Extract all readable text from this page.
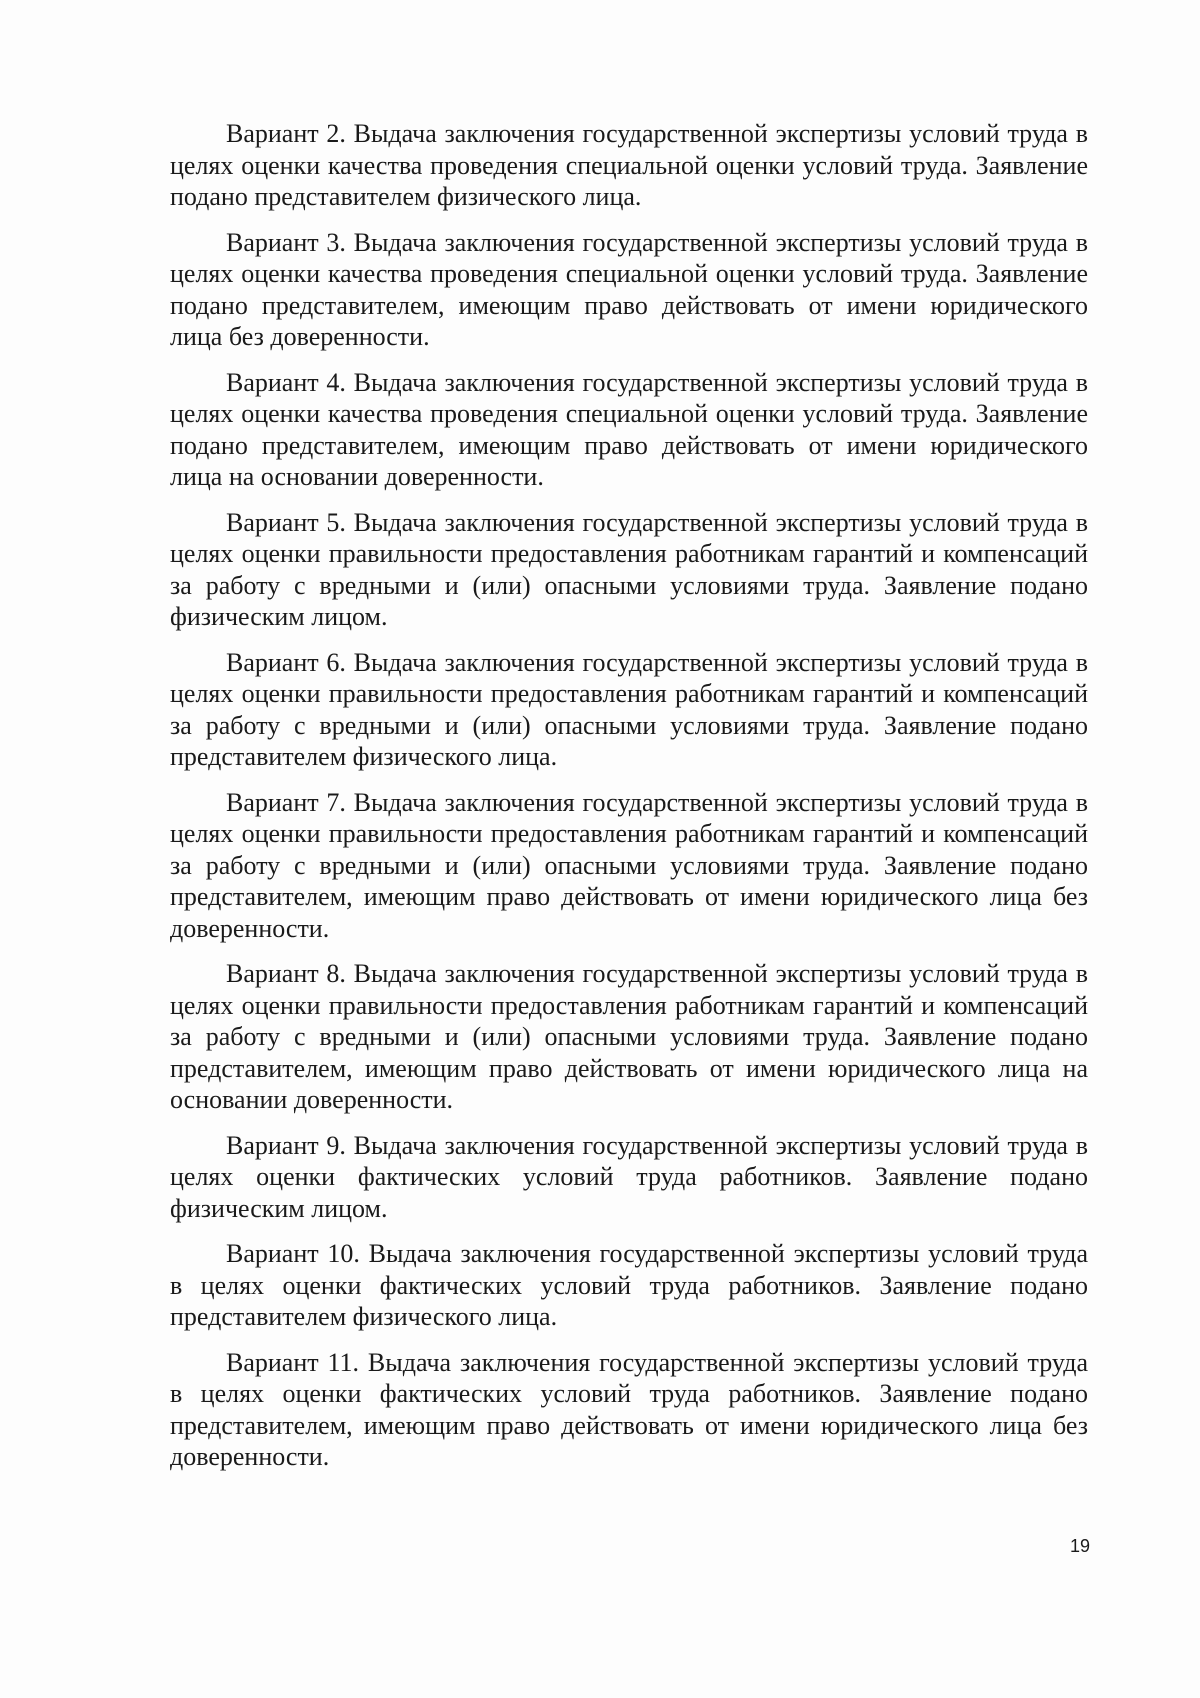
Вариант 2. Выдача заключения государственной экспертизы условий труда в целях оценки качества проведения специальной оценки условий труда. Заявление подано представителем физического лица.

Вариант 3. Выдача заключения государственной экспертизы условий труда в целях оценки качества проведения специальной оценки условий труда. Заявление подано представителем, имеющим право действовать от имени юридического лица без доверенности.

Вариант 4. Выдача заключения государственной экспертизы условий труда в целях оценки качества проведения специальной оценки условий труда. Заявление подано представителем, имеющим право действовать от имени юридического лица на основании доверенности.

Вариант 5. Выдача заключения государственной экспертизы условий труда в целях оценки правильности предоставления работникам гарантий и компенсаций за работу с вредными и (или) опасными условиями труда. Заявление подано физическим лицом.

Вариант 6. Выдача заключения государственной экспертизы условий труда в целях оценки правильности предоставления работникам гарантий и компенсаций за работу с вредными и (или) опасными условиями труда. Заявление подано представителем физического лица.

Вариант 7. Выдача заключения государственной экспертизы условий труда в целях оценки правильности предоставления работникам гарантий и компенсаций за работу с вредными и (или) опасными условиями труда. Заявление подано представителем, имеющим право действовать от имени юридического лица без доверенности.

Вариант 8. Выдача заключения государственной экспертизы условий труда в целях оценки правильности предоставления работникам гарантий и компенсаций за работу с вредными и (или) опасными условиями труда. Заявление подано представителем, имеющим право действовать от имени юридического лица на основании доверенности.

Вариант 9. Выдача заключения государственной экспертизы условий труда в целях оценки фактических условий труда работников. Заявление подано физическим лицом.

Вариант 10. Выдача заключения государственной экспертизы условий труда в целях оценки фактических условий труда работников. Заявление подано представителем физического лица.

Вариант 11. Выдача заключения государственной экспертизы условий труда в целях оценки фактических условий труда работников. Заявление подано представителем, имеющим право действовать от имени юридического лица без доверенности.

19
